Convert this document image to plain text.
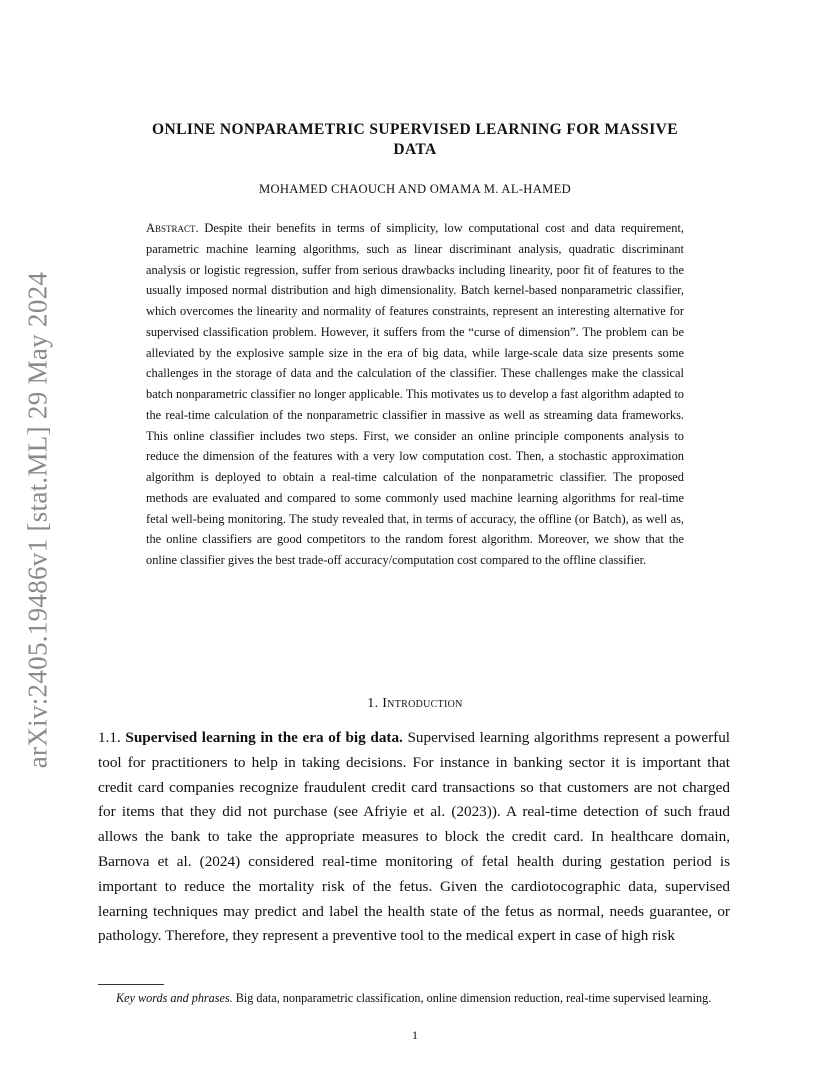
arXiv:2405.19486v1 [stat.ML] 29 May 2024
ONLINE NONPARAMETRIC SUPERVISED LEARNING FOR MASSIVE
DATA
MOHAMED CHAOUCH AND OMAMA M. AL-HAMED
Abstract. Despite their benefits in terms of simplicity, low computational cost and data requirement, parametric machine learning algorithms, such as linear discriminant analysis, quadratic discriminant analysis or logistic regression, suffer from serious drawbacks including linearity, poor fit of features to the usually imposed normal distribution and high dimensionality. Batch kernel-based nonparametric classifier, which overcomes the linearity and normality of features constraints, represent an interesting alternative for supervised classification problem. However, it suffers from the “curse of dimension”. The problem can be alleviated by the explosive sample size in the era of big data, while large-scale data size presents some challenges in the storage of data and the calculation of the classifier. These challenges make the classical batch nonparametric classifier no longer applicable. This motivates us to develop a fast algorithm adapted to the real-time calculation of the nonparametric classifier in massive as well as streaming data frameworks. This online classifier includes two steps. First, we consider an online principle components analysis to reduce the dimension of the features with a very low computation cost. Then, a stochastic approximation algorithm is deployed to obtain a real-time calculation of the nonparametric classifier. The proposed methods are evaluated and compared to some commonly used machine learning algorithms for real-time fetal well-being monitoring. The study revealed that, in terms of accuracy, the offline (or Batch), as well as, the online classifiers are good competitors to the random forest algorithm. Moreover, we show that the online classifier gives the best trade-off accuracy/computation cost compared to the offline classifier.
1. Introduction
1.1. Supervised learning in the era of big data. Supervised learning algorithms represent a powerful tool for practitioners to help in taking decisions. For instance in banking sector it is important that credit card companies recognize fraudulent credit card transactions so that customers are not charged for items that they did not purchase (see Afriyie et al. (2023)). A real-time detection of such fraud allows the bank to take the appropriate measures to block the credit card. In healthcare domain, Barnova et al. (2024) considered real-time monitoring of fetal health during gestation period is important to reduce the mortality risk of the fetus. Given the cardiotocographic data, supervised learning techniques may predict and label the health state of the fetus as normal, needs guarantee, or pathology. Therefore, they represent a preventive tool to the medical expert in case of high risk
Key words and phrases. Big data, nonparametric classification, online dimension reduction, real-time supervised learning.
1
